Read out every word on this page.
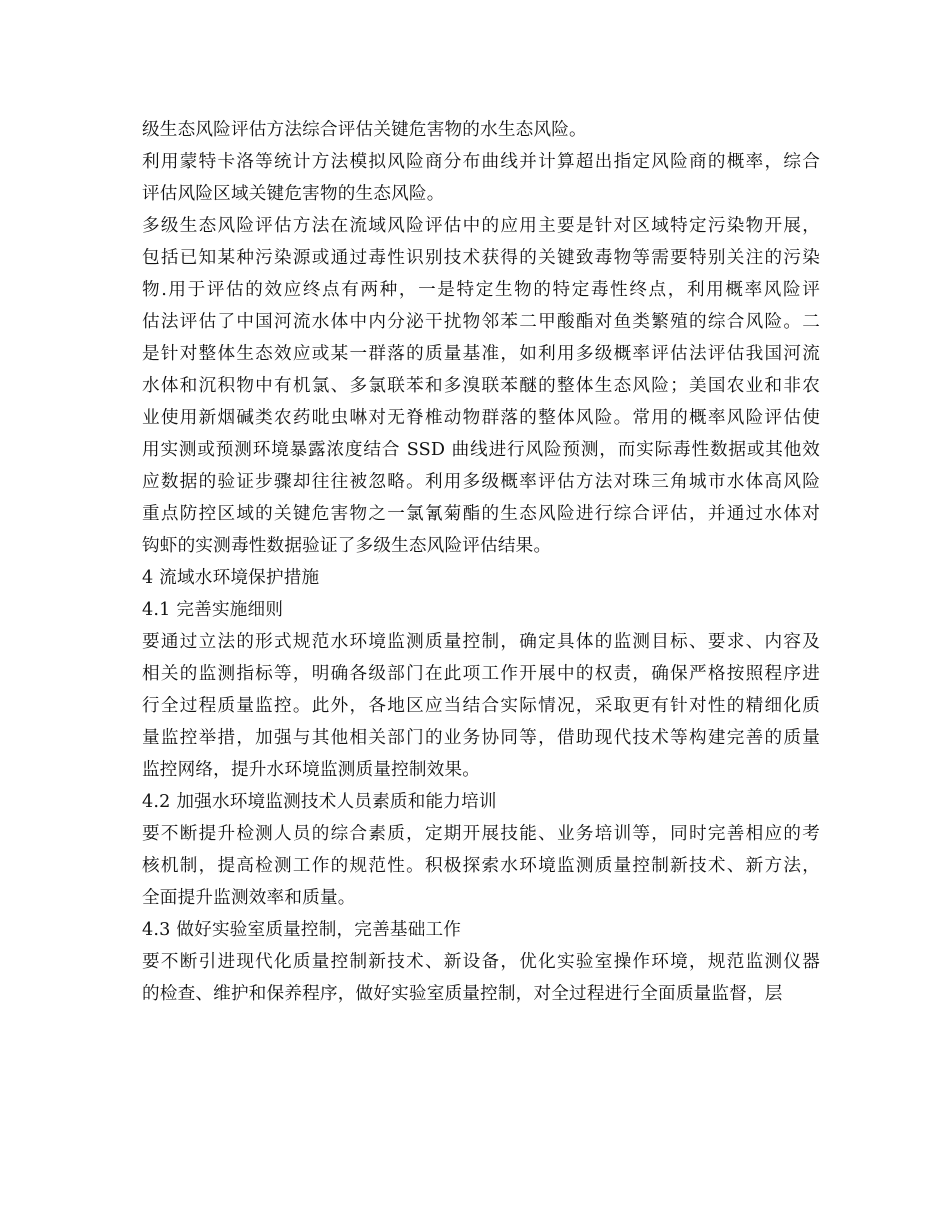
级生态风险评估方法综合评估关键危害物的水生态风险。
利用蒙特卡洛等统计方法模拟风险商分布曲线并计算超出指定风险商的概率，综合
评估风险区域关键危害物的生态风险。
多级生态风险评估方法在流域风险评估中的应用主要是针对区域特定污染物开展，
包括已知某种污染源或通过毒性识别技术获得的关键致毒物等需要特别关注的污染
物.用于评估的效应终点有两种，一是特定生物的特定毒性终点，利用概率风险评
估法评估了中国河流水体中内分泌干扰物邻苯二甲酸酯对鱼类繁殖的综合风险。二
是针对整体生态效应或某一群落的质量基准，如利用多级概率评估法评估我国河流
水体和沉积物中有机氯、多氯联苯和多溴联苯醚的整体生态风险；美国农业和非农
业使用新烟碱类农药吡虫啉对无脊椎动物群落的整体风险。常用的概率风险评估使
用实测或预测环境暴露浓度结合 SSD 曲线进行风险预测，而实际毒性数据或其他效
应数据的验证步骤却往往被忽略。利用多级概率评估方法对珠三角城市水体高风险
重点防控区域的关键危害物之一氯氰菊酯的生态风险进行综合评估，并通过水体对
钩虾的实测毒性数据验证了多级生态风险评估结果。
4 流域水环境保护措施
4.1 完善实施细则
要通过立法的形式规范水环境监测质量控制，确定具体的监测目标、要求、内容及
相关的监测指标等，明确各级部门在此项工作开展中的权责，确保严格按照程序进
行全过程质量监控。此外，各地区应当结合实际情况，采取更有针对性的精细化质
量监控举措，加强与其他相关部门的业务协同等，借助现代技术等构建完善的质量
监控网络，提升水环境监测质量控制效果。
4.2 加强水环境监测技术人员素质和能力培训
要不断提升检测人员的综合素质，定期开展技能、业务培训等，同时完善相应的考
核机制，提高检测工作的规范性。积极探索水环境监测质量控制新技术、新方法，
全面提升监测效率和质量。
4.3 做好实验室质量控制，完善基础工作
要不断引进现代化质量控制新技术、新设备，优化实验室操作环境，规范监测仪器
的检查、维护和保养程序，做好实验室质量控制，对全过程进行全面质量监督，层
